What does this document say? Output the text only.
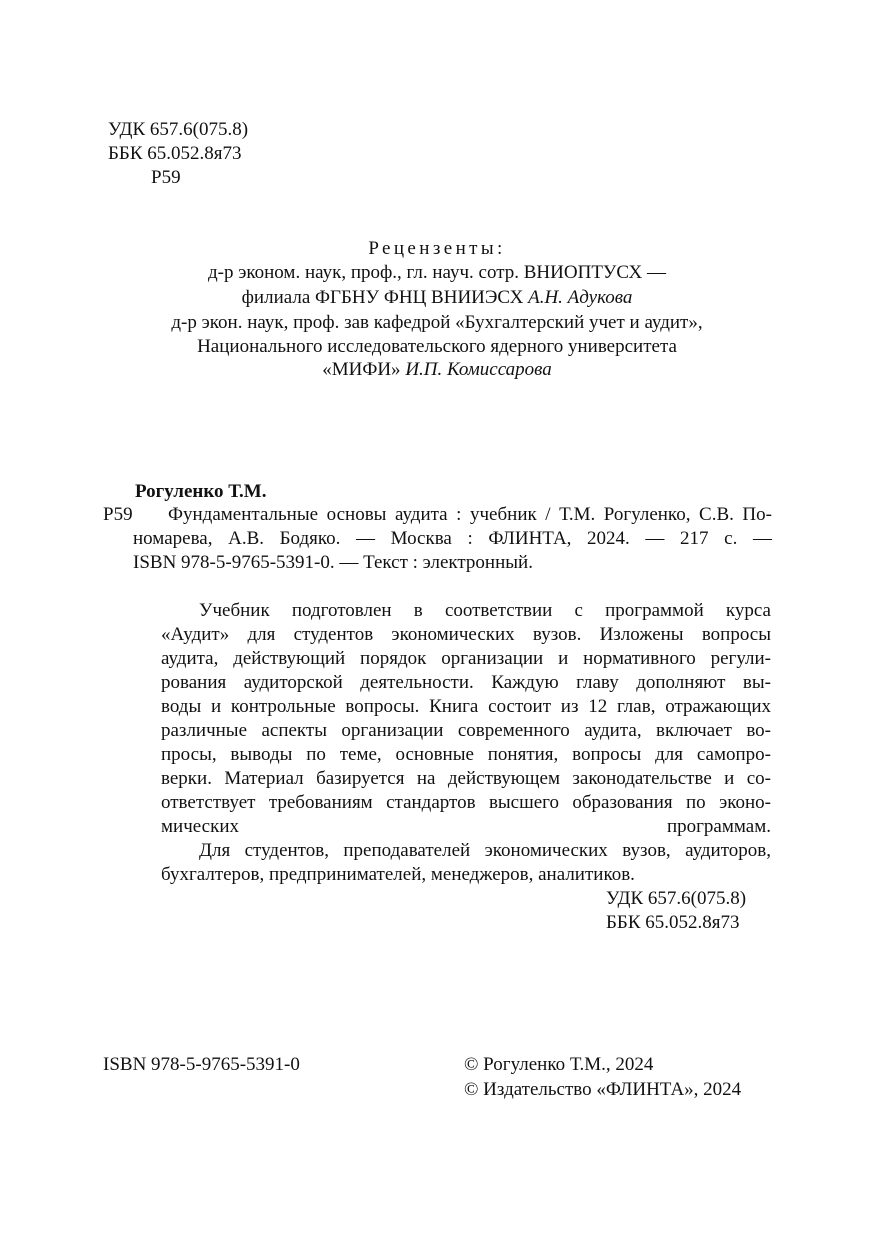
УДК 657.6(075.8)
ББК 65.052.8я73
Р59
Рецензенты:
д-р эконом. наук, проф., гл. науч. сотр. ВНИОПТУСХ —
филиала ФГБНУ ФНЦ ВНИИЭСХ А.Н. Адукова
д-р экон. наук, проф. зав кафедрой «Бухгалтерский учет и аудит»,
Национального исследовательского ядерного университета
«МИФИ» И.П. Комиссарова
Рогуленко Т.М.
Р59 Фундаментальные основы аудита : учебник / Т.М. Рогуленко, С.В. По-
номарева, А.В. Бодяко. — Москва : ФЛИНТА, 2024. — 217 с. —
ISBN 978-5-9765-5391-0. — Текст : электронный.
Учебник подготовлен в соответствии с программой курса
«Аудит» для студентов экономических вузов. Изложены вопросы
аудита, действующий порядок организации и нормативного регули-
рования аудиторской деятельности. Каждую главу дополняют вы-
воды и контрольные вопросы. Книга состоит из 12 глав, отражающих
различные аспекты организации современного аудита, включает во-
просы, выводы по теме, основные понятия, вопросы для самопро-
верки. Материал базируется на действующем законодательстве и со-
ответствует требованиям стандартов высшего образования по эконо-
мических программам.
Для студентов, преподавателей экономических вузов, аудиторов,
бухгалтеров, предпринимателей, менеджеров, аналитиков.
УДК 657.6(075.8)
ББК 65.052.8я73
ISBN 978-5-9765-5391-0	© Рогуленко Т.М., 2024
© Издательство «ФЛИНТА», 2024
